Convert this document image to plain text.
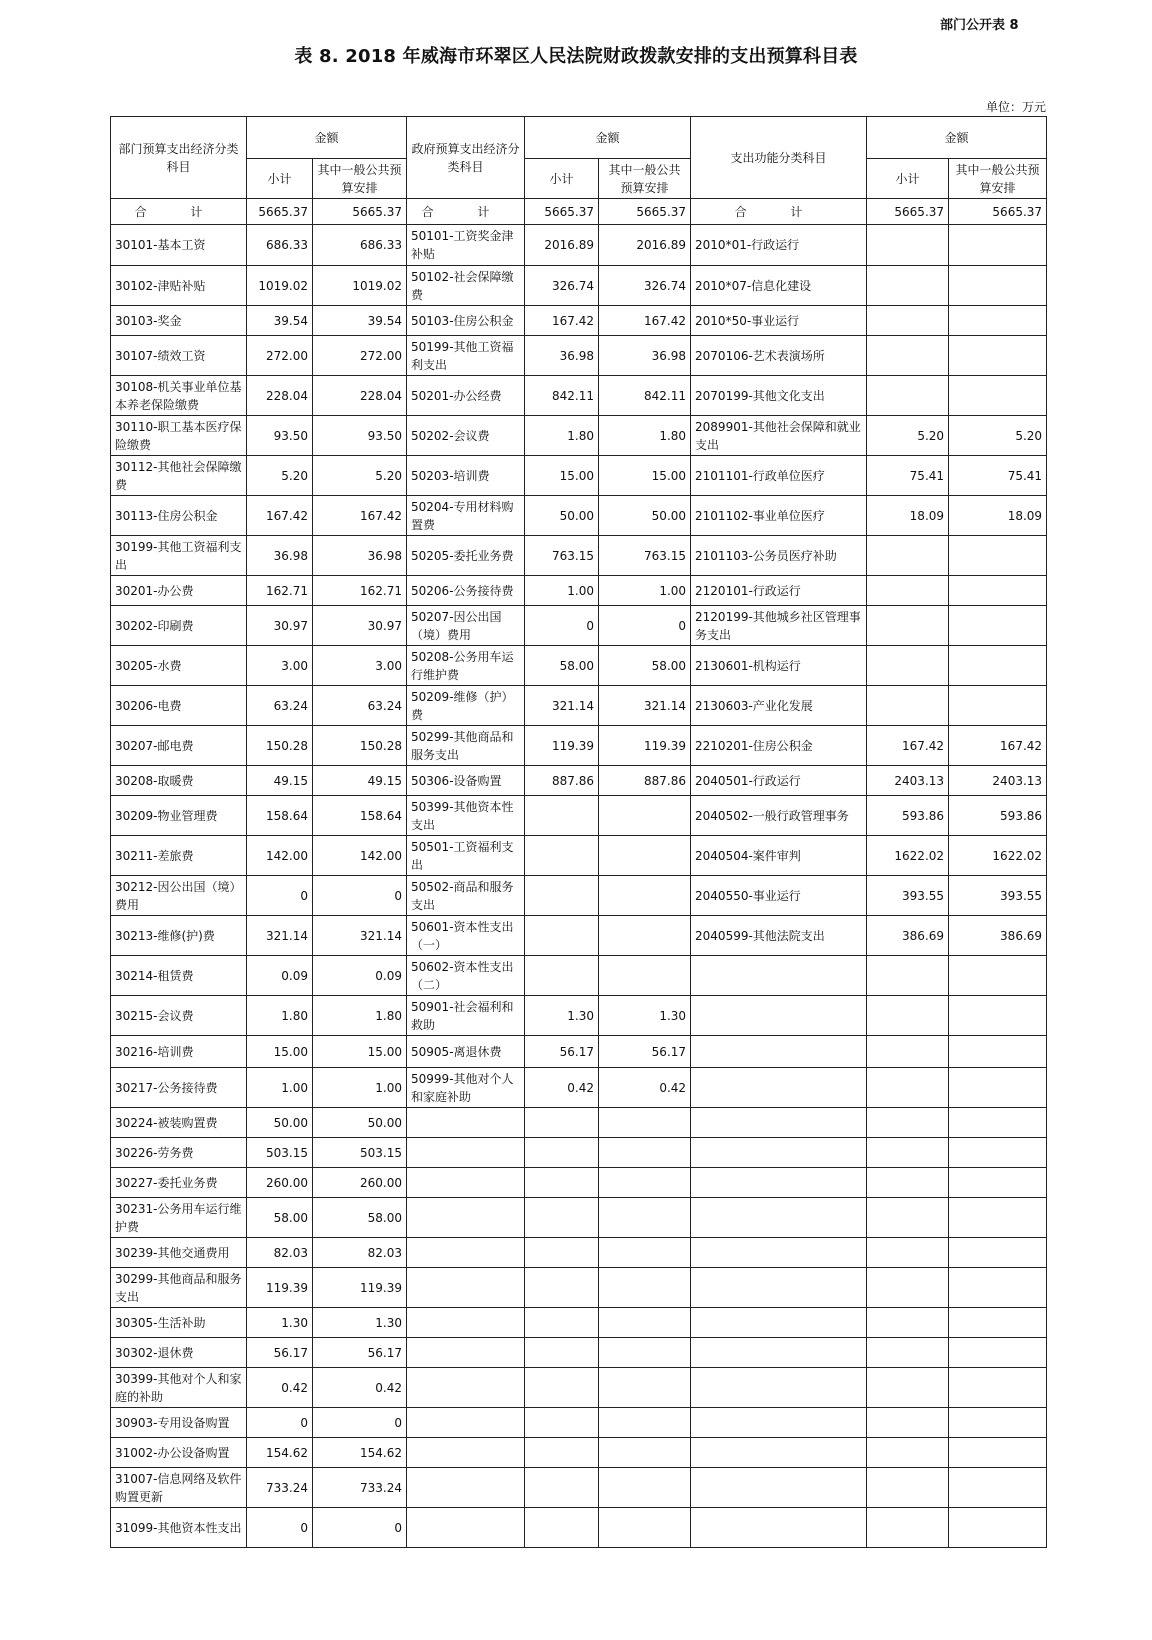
部门公开表 8
表 8. 2018 年威海市环翠区人民法院财政拨款安排的支出预算科目表
单位：万元
部门预算支出经济分类科目	金额		政府预算支出经济分类科目	金额		支出功能分类科目	金额	
	小计	其中一般公共预算安排		小计	其中一般公共预算安排		小计	其中一般公共预算安排
合 计	5665.37	5665.37	合 计	5665.37	5665.37	合 计	5665.37	5665.37
30101-基本工资	686.33	686.33	50101-工资奖金津补贴	2016.89	2016.89	2010*01-行政运行		
30102-津贴补贴	1019.02	1019.02	50102-社会保障缴费	326.74	326.74	2010*07-信息化建设		
30103-奖金	39.54	39.54	50103-住房公积金	167.42	167.42	2010*50-事业运行		
30107-绩效工资	272.00	272.00	50199-其他工资福利支出	36.98	36.98	2070106-艺术表演场所		
30108-机关事业单位基本养老保险缴费	228.04	228.04	50201-办公经费	842.11	842.11	2070199-其他文化支出		
30110-职工基本医疗保险缴费	93.50	93.50	50202-会议费	1.80	1.80	2089901-其他社会保障和就业支出	5.20	5.20
30112-其他社会保障缴费	5.20	5.20	50203-培训费	15.00	15.00	2101101-行政单位医疗	75.41	75.41
30113-住房公积金	167.42	167.42	50204-专用材料购置费	50.00	50.00	2101102-事业单位医疗	18.09	18.09
30199-其他工资福利支出	36.98	36.98	50205-委托业务费	763.15	763.15	2101103-公务员医疗补助		
30201-办公费	162.71	162.71	50206-公务接待费	1.00	1.00	2120101-行政运行		
30202-印刷费	30.97	30.97	50207-因公出国（境）费用	0	0	2120199-其他城乡社区管理事务支出		
30205-水费	3.00	3.00	50208-公务用车运行维护费	58.00	58.00	2130601-机构运行		
30206-电费	63.24	63.24	50209-维修（护）费	321.14	321.14	2130603-产业化发展		
30207-邮电费	150.28	150.28	50299-其他商品和服务支出	119.39	119.39	2210201-住房公积金	167.42	167.42
30208-取暖费	49.15	49.15	50306-设备购置	887.86	887.86	2040501-行政运行	2403.13	2403.13
30209-物业管理费	158.64	158.64	50399-其他资本性支出			2040502-一般行政管理事务	593.86	593.86
30211-差旅费	142.00	142.00	50501-工资福利支出			2040504-案件审判	1622.02	1622.02
30212-因公出国（境）费用	0	0	50502-商品和服务支出			2040550-事业运行	393.55	393.55
30213-维修(护)费	321.14	321.14	50601-资本性支出（一）			2040599-其他法院支出	386.69	386.69
30214-租赁费	0.09	0.09	50602-资本性支出（二）					
30215-会议费	1.80	1.80	50901-社会福利和救助	1.30	1.30			
30216-培训费	15.00	15.00	50905-离退休费	56.17	56.17			
30217-公务接待费	1.00	1.00	50999-其他对个人和家庭补助	0.42	0.42			
30224-被装购置费	50.00	50.00						
30226-劳务费	503.15	503.15						
30227-委托业务费	260.00	260.00						
30231-公务用车运行维护费	58.00	58.00						
30239-其他交通费用	82.03	82.03						
30299-其他商品和服务支出	119.39	119.39						
30305-生活补助	1.30	1.30						
30302-退休费	56.17	56.17						
30399-其他对个人和家庭的补助	0.42	0.42						
30903-专用设备购置	0	0						
31002-办公设备购置	154.62	154.62						
31007-信息网络及软件购置更新	733.24	733.24						
31099-其他资本性支出	0	0						
